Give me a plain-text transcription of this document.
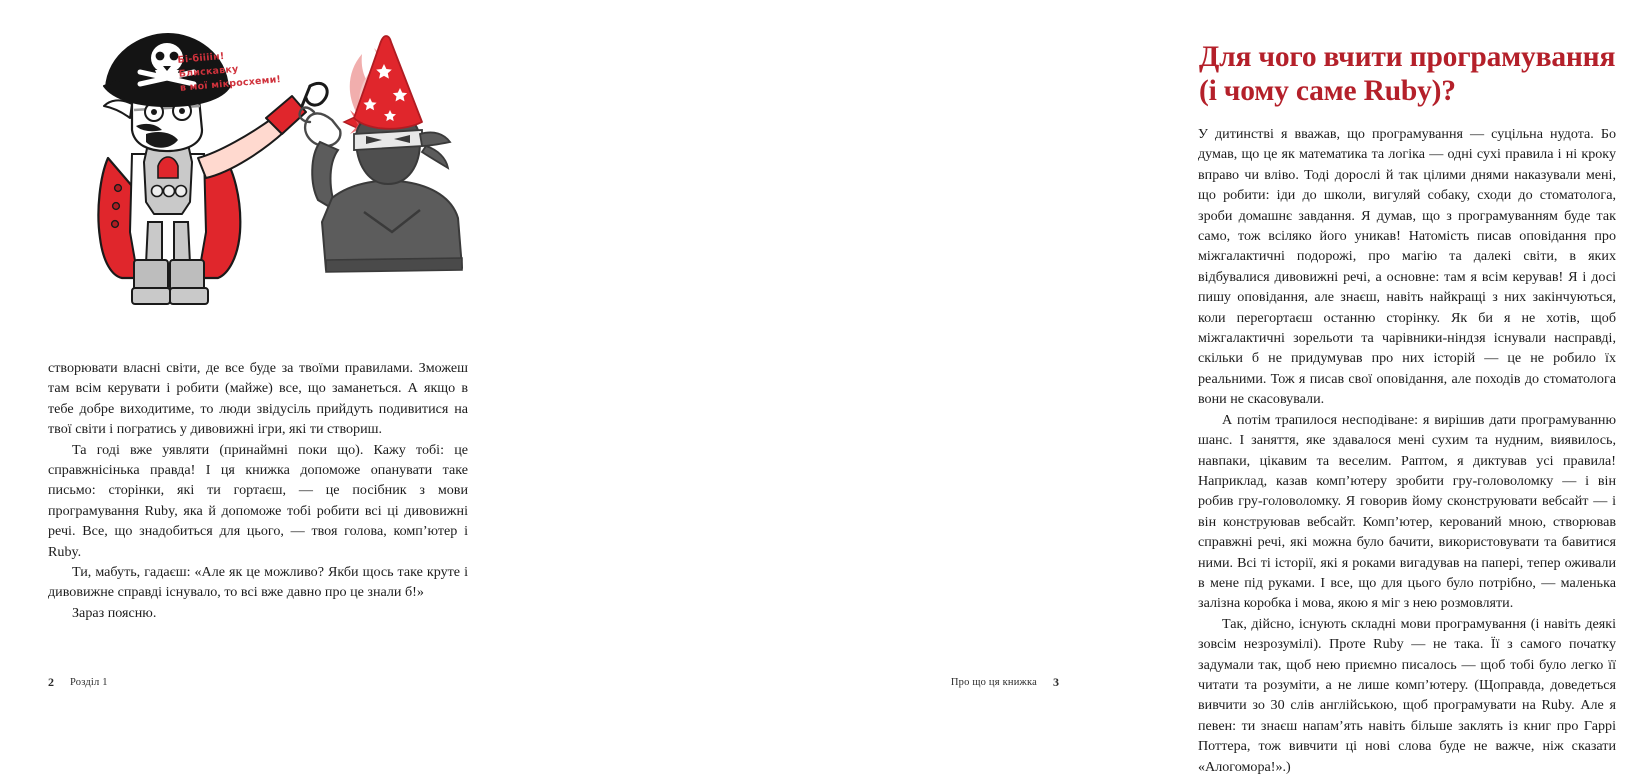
Бі-біііін!
Блискавку
в мої мікросхеми!

створювати власні світи, де все буде за твоїми правилами. Зможеш там всім керувати і робити (майже) все, що заманеться. А якщо в тебе добре виходитиме, то люди звідусіль прийдуть подивитися на твої світи і погратись у дивовижні ігри, які ти створиш.

Та годі вже уявляти (принаймні поки що). Кажу тобі: це справжнісінька правда! І ця книжка допоможе опанувати таке письмо: сторінки, які ти гортаєш, — це посібник з мови програмування Ruby, яка й допоможе тобі робити всі ці дивовижні речі. Все, що знадобиться для цього, — твоя голова, комп’ютер і Ruby.

Ти, мабуть, гадаєш: «Але як це можливо? Якби щось таке круте і дивовижне справді існувало, то всі вже давно про це знали б!»

Зараз поясню.

2 Розділ 1
Для чого вчити програмування
(і чому саме Ruby)?

У дитинстві я вважав, що програмування — суцільна нудота. Бо думав, що це як математика та логіка — одні сухі правила і ні кроку вправо чи вліво. Тоді дорослі й так цілими днями наказували мені, що робити: іди до школи, вигуляй собаку, сходи до стоматолога, зроби домашнє завдання. Я думав, що з програмуванням буде так само, тож всіляко його уникав! Натомість писав оповідання про міжгалактичні подорожі, про магію та далекі світи, в яких відбувалися дивовижні речі, а основне: там я всім керував! Я і досі пишу оповідання, але знаєш, навіть найкращі з них закінчуються, коли перегортаєш останню сторінку. Як би я не хотів, щоб міжгалактичні зорельоти та чарівники-ніндзя існували насправді, скільки б не придумував про них історій — це не робило їх реальними. Тож я писав свої оповідання, але походів до стоматолога вони не скасовували.

А потім трапилося несподіване: я вирішив дати програмуванню шанс. І заняття, яке здавалося мені сухим та нудним, виявилось, навпаки, цікавим та веселим. Раптом, я диктував усі правила! Наприклад, казав комп’ютеру зробити гру-головоломку — і він робив гру-головоломку. Я говорив йому сконструювати вебсайт — і він конструював вебсайт. Комп’ютер, керований мною, створював справжні речі, які можна було бачити, використовувати та бавитися ними. Всі ті історії, які я роками вигадував на папері, тепер оживали в мене під руками. І все, що для цього було потрібно, — маленька залізна коробка і мова, якою я міг з нею розмовляти.

Так, дійсно, існують складні мови програмування (і навіть деякі зовсім незрозумілі). Проте Ruby — не така. Її з самого початку задумали так, щоб нею приємно писалось — щоб тобі було легко її читати та розуміти, а не лише комп’ютеру. (Щоправда, доведеться вивчити зо 30 слів англійською, щоб програмувати на Ruby. Але я певен: ти знаєш напам’ять навіть більше заклять із книг про Гаррі Поттера, тож вивчити ці нові слова буде не важче, ніж сказати «Алогомора!».)

Про що ця книжка 3
